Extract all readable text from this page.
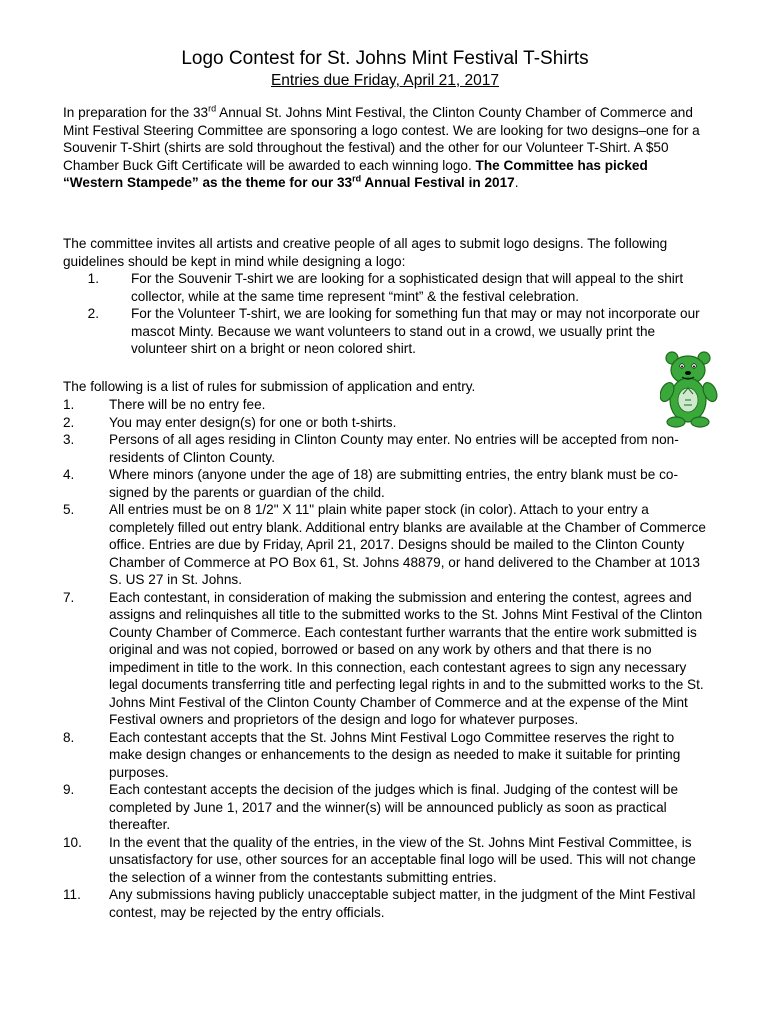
Logo Contest for St. Johns Mint Festival T-Shirts
Entries due Friday, April 21, 2017
In preparation for the 33rd Annual St. Johns Mint Festival, the Clinton County Chamber of Commerce and Mint Festival Steering Committee are sponsoring a logo contest. We are looking for two designs–one for a Souvenir T-Shirt (shirts are sold throughout the festival) and the other for our Volunteer T-Shirt. A $50 Chamber Buck Gift Certificate will be awarded to each winning logo. The Committee has picked “Western Stampede” as the theme for our 33rd Annual Festival in 2017.
The committee invites all artists and creative people of all ages to submit logo designs. The following guidelines should be kept in mind while designing a logo:
1. For the Souvenir T-shirt we are looking for a sophisticated design that will appeal to the shirt collector, while at the same time represent “mint” & the festival celebration.
2. For the Volunteer T-shirt, we are looking for something fun that may or may not incorporate our mascot Minty. Because we want volunteers to stand out in a crowd, we usually print the volunteer shirt on a bright or neon colored shirt.
The following is a list of rules for submission of application and entry.
1.	There will be no entry fee.
2.	You may enter design(s) for one or both t-shirts.
3.	Persons of all ages residing in Clinton County may enter. No entries will be accepted from non-residents of Clinton County.
4.	Where minors (anyone under the age of 18) are submitting entries, the entry blank must be co-signed by the parents or guardian of the child.
5.	All entries must be on 8 1/2" X 11" plain white paper stock (in color). Attach to your entry a completely filled out entry blank. Additional entry blanks are available at the Chamber of Commerce office. Entries are due by Friday, April 21, 2017. Designs should be mailed to the Clinton County Chamber of Commerce at PO Box 61, St. Johns 48879, or hand delivered to the Chamber at 1013 S. US 27 in St. Johns.
7.	Each contestant, in consideration of making the submission and entering the contest, agrees and assigns and relinquishes all title to the submitted works to the St. Johns Mint Festival of the Clinton County Chamber of Commerce. Each contestant further warrants that the entire work submitted is original and was not copied, borrowed or based on any work by others and that there is no impediment in title to the work. In this connection, each contestant agrees to sign any necessary legal documents transferring title and perfecting legal rights in and to the submitted works to the St. Johns Mint Festival of the Clinton County Chamber of Commerce and at the expense of the Mint Festival owners and proprietors of the design and logo for whatever purposes.
8.	Each contestant accepts that the St. Johns Mint Festival Logo Committee reserves the right to make design changes or enhancements to the design as needed to make it suitable for printing purposes.
9.	Each contestant accepts the decision of the judges which is final. Judging of the contest will be completed by June 1, 2017 and the winner(s) will be announced publicly as soon as practical thereafter.
10.	In the event that the quality of the entries, in the view of the St. Johns Mint Festival Committee, is unsatisfactory for use, other sources for an acceptable final logo will be used. This will not change the selection of a winner from the contestants submitting entries.
11.	Any submissions having publicly unacceptable subject matter, in the judgment of the Mint Festival contest, may be rejected by the entry officials.
